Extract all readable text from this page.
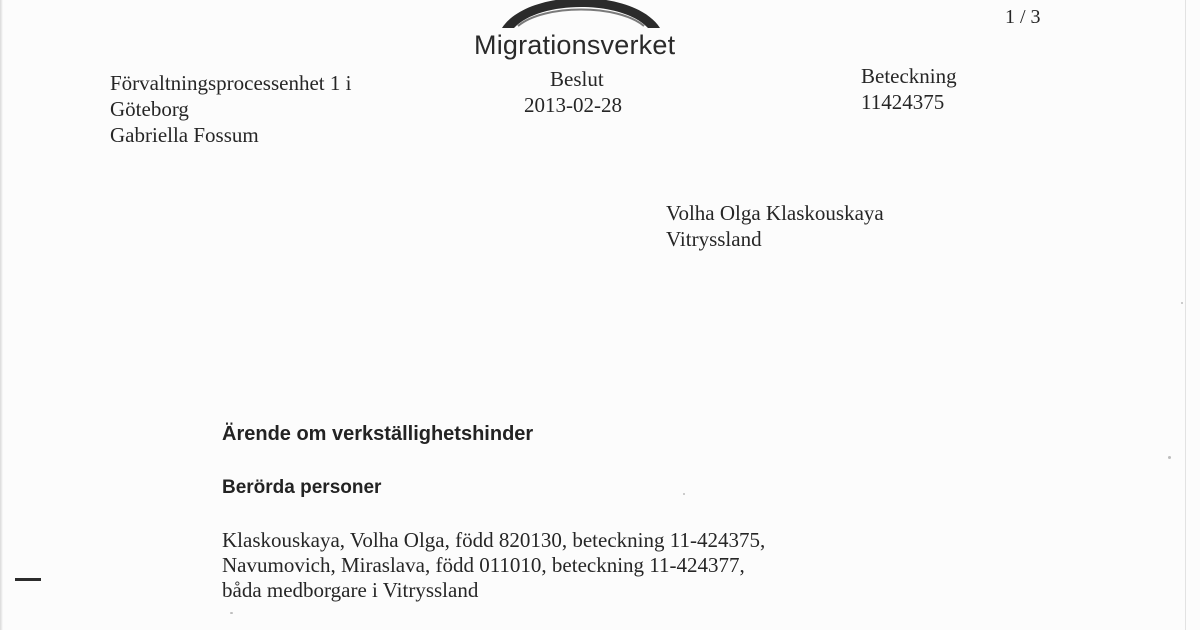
Migrationsverket
1 / 3
Förvaltningsprocessenhet 1 i
Göteborg
Gabriella Fossum
Beslut
2013-02-28
Beteckning
11424375
Volha Olga Klaskouskaya
Vitryssland
Ärende om verkställighetshinder
Berörda personer
Klaskouskaya, Volha Olga, född 820130, beteckning 11-424375,
Navumovich, Miraslava, född 011010, beteckning 11-424377,
båda medborgare i Vitryssland
